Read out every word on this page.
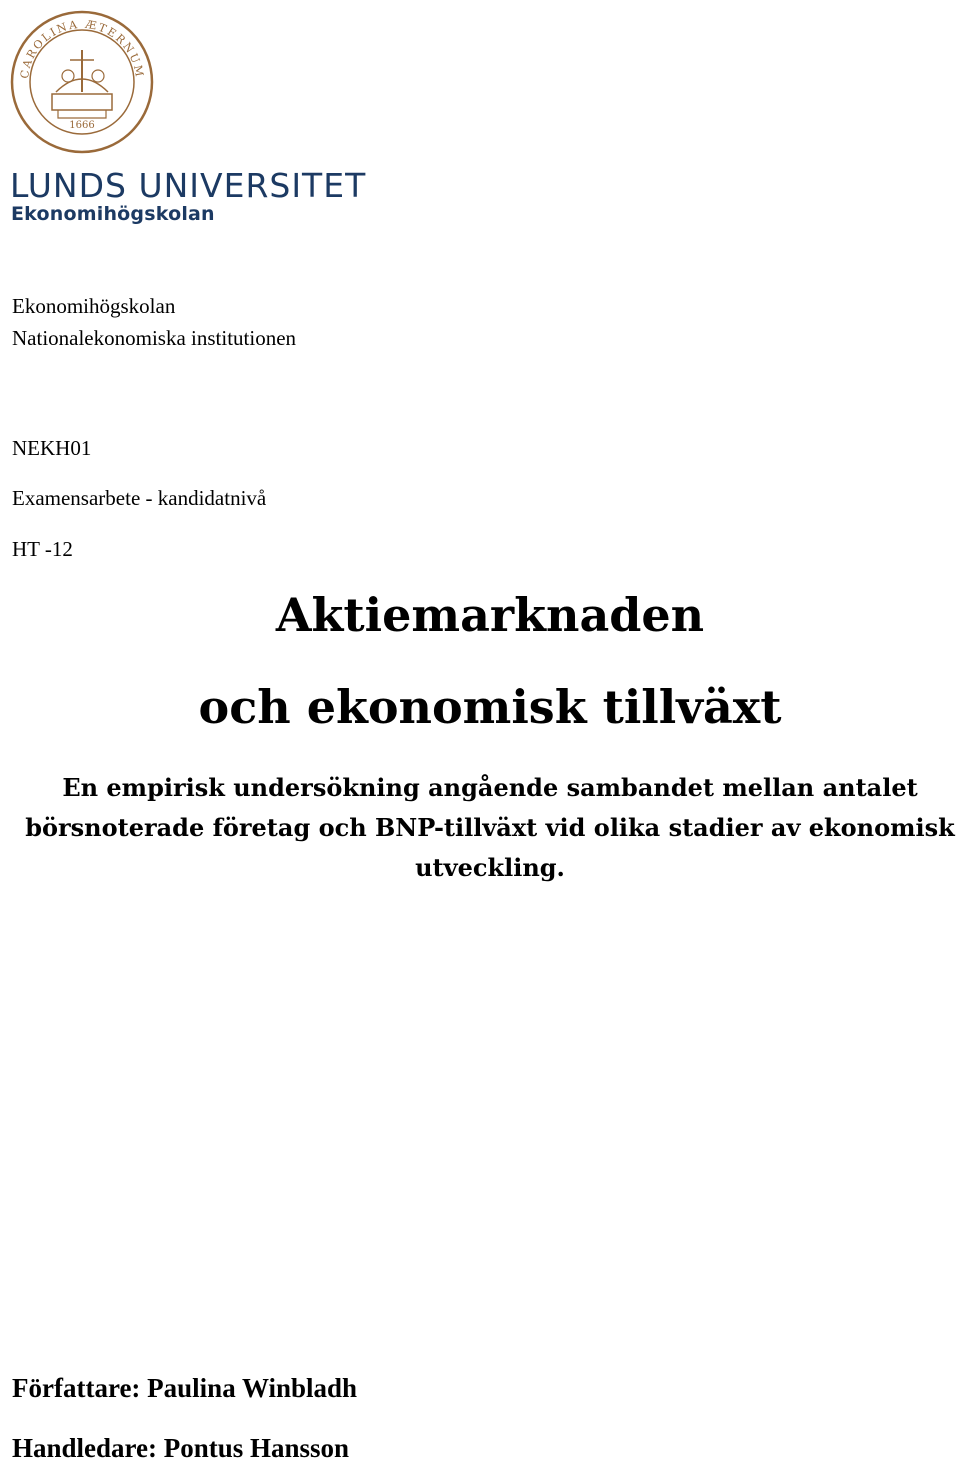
CAROLINA ÆTERNUM
1666
LUNDS UNIVERSITET
Ekonomihögskolan
Ekonomihögskolan
Nationalekonomiska institutionen
NEKH01
Examensarbete - kandidatnivå
HT -12
Aktiemarknaden
och ekonomisk tillväxt
En empirisk undersökning angående sambandet mellan antalet
börsnoterade företag och BNP-tillväxt vid olika stadier av ekonomisk
utveckling.
Författare: Paulina Winbladh
Handledare: Pontus Hansson
